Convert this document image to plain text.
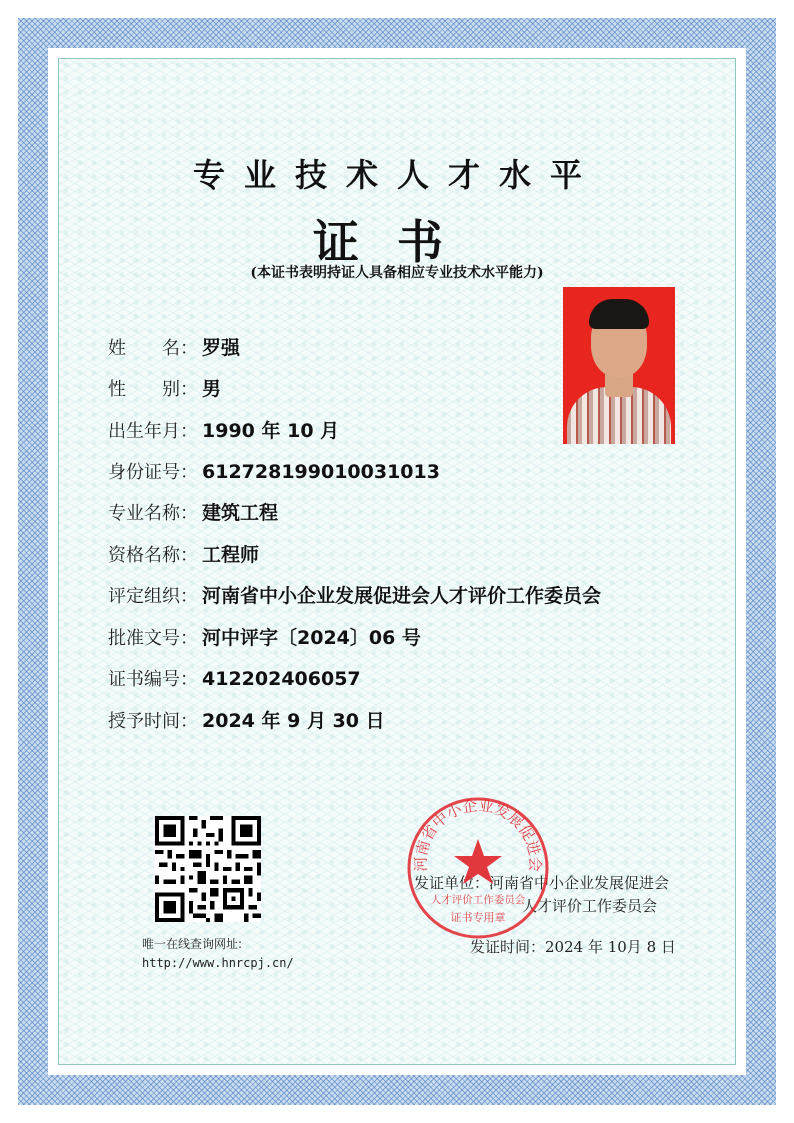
专业技术人才水平
证书
(本证书表明持证人具备相应专业技术水平能力)
姓　　名： 罗强
性　　别： 男
出生年月： 1990 年 10 月
身份证号： 612728199010031013
专业名称： 建筑工程
资格名称： 工程师
评定组织： 河南省中小企业发展促进会人才评价工作委员会
批准文号： 河中评字〔2024〕06 号
证书编号： 412202406057
授予时间： 2024 年 9 月 30 日
唯一在线查询网址:
http://www.hnrcpj.cn/
发证单位：河南省中小企业发展促进会
人才评价工作委员会
发证时间：2024 年 10月 8 日
河南省中小企业发展促进会
人才评价工作委员会
证书专用章
